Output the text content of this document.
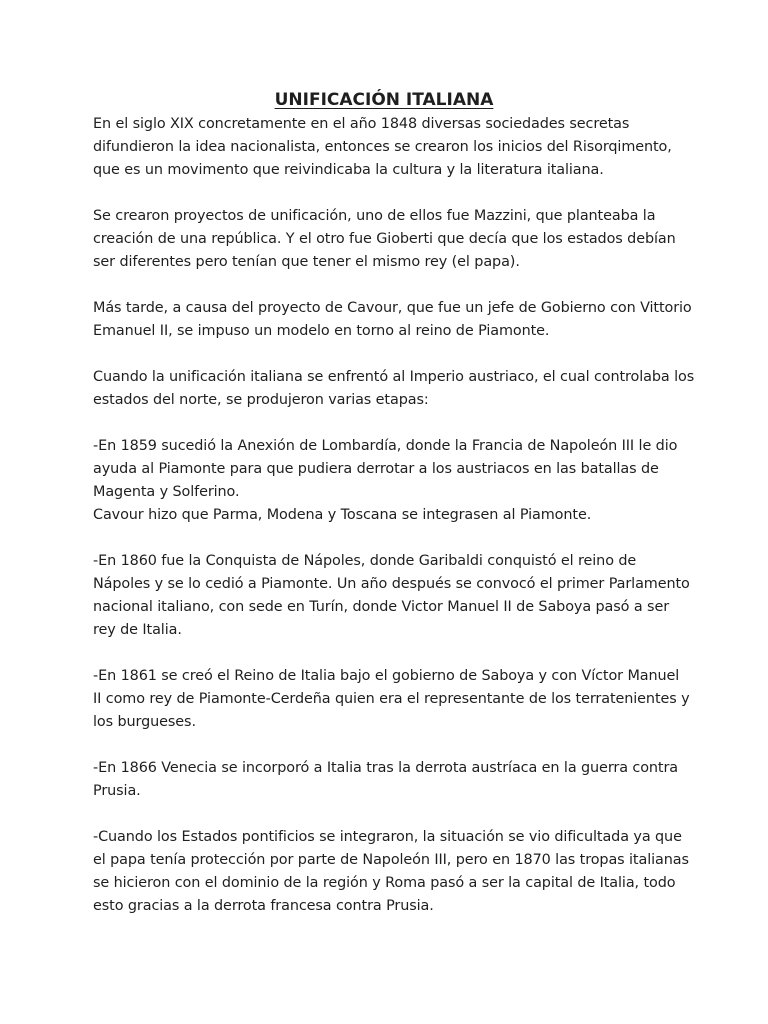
UNIFICACIÓN ITALIANA

En el siglo XIX concretamente en el año 1848 diversas sociedades secretas
difundieron la idea nacionalista, entonces se crearon los inicios del Risorqimento,
que es un movimento que reivindicaba la cultura y la literatura italiana.

Se crearon proyectos de unificación, uno de ellos fue Mazzini, que planteaba la
creación de una república. Y el otro fue Gioberti que decía que los estados debían
ser diferentes pero tenían que tener el mismo rey (el papa).

Más tarde, a causa del proyecto de Cavour, que fue un jefe de Gobierno con Vittorio
Emanuel II, se impuso un modelo en torno al reino de Piamonte.

Cuando la unificación italiana se enfrentó al Imperio austriaco, el cual controlaba los
estados del norte, se produjeron varias etapas:

-En 1859 sucedió la Anexión de Lombardía, donde la Francia de Napoleón III le dio
ayuda al Piamonte para que pudiera derrotar a los austriacos en las batallas de
Magenta y Solferino.
Cavour hizo que Parma, Modena y Toscana se integrasen al Piamonte.

-En 1860 fue la Conquista de Nápoles, donde Garibaldi conquistó el reino de
Nápoles y se lo cedió a Piamonte. Un año después se convocó el primer Parlamento
nacional italiano, con sede en Turín, donde Victor Manuel II de Saboya pasó a ser
rey de Italia.

-En 1861 se creó el Reino de Italia bajo el gobierno de Saboya y con Víctor Manuel
II como rey de Piamonte-Cerdeña quien era el representante de los terratenientes y
los burgueses.

-En 1866 Venecia se incorporó a Italia tras la derrota austríaca en la guerra contra
Prusia.

-Cuando los Estados pontificios se integraron, la situación se vio dificultada ya que
el papa tenía protección por parte de Napoleón III, pero en 1870 las tropas italianas
se hicieron con el dominio de la región y Roma pasó a ser la capital de Italia, todo
esto gracias a la derrota francesa contra Prusia.
